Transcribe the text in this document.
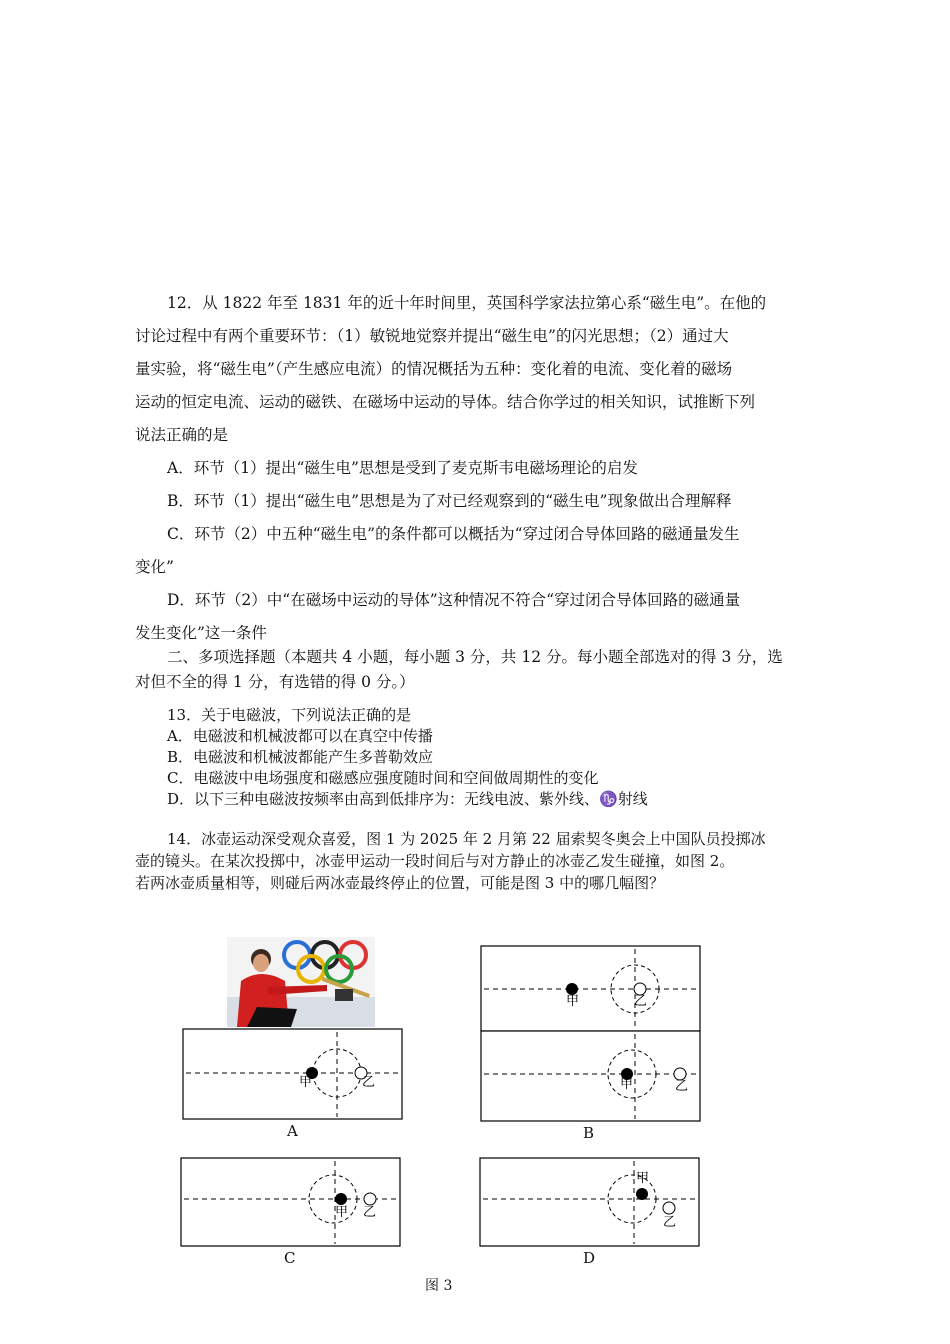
12．从 1822 年至 1831 年的近十年时间里，英国科学家法拉第心系“磁生电”。在他的
讨论过程中有两个重要环节：（1）敏锐地觉察并提出“磁生电”的闪光思想；（2）通过大
量实验，将“磁生电”（产生感应电流）的情况概括为五种：变化着的电流、变化着的磁场
运动的恒定电流、运动的磁铁、在磁场中运动的导体。结合你学过的相关知识，试推断下列
说法正确的是
A．环节（1）提出“磁生电”思想是受到了麦克斯韦电磁场理论的启发
B．环节（1）提出“磁生电”思想是为了对已经观察到的“磁生电”现象做出合理解释
C．环节（2）中五种“磁生电”的条件都可以概括为“穿过闭合导体回路的磁通量发生
变化”
D．环节（2）中“在磁场中运动的导体”这种情况不符合“穿过闭合导体回路的磁通量
发生变化”这一条件
二、多项选择题（本题共 4 小题，每小题 3 分，共 12 分。每小题全部选对的得 3 分，选
对但不全的得 1 分，有选错的得 0 分。）
13．关于电磁波，下列说法正确的是
A．电磁波和机械波都可以在真空中传播
B．电磁波和机械波都能产生多普勒效应
C．电磁波中电场强度和磁感应强度随时间和空间做周期性的变化
D．以下三种电磁波按频率由高到低排序为：无线电波、紫外线、♑射线
14．冰壶运动深受观众喜爱，图 1 为 2025 年 2 月第 22 届索契冬奥会上中国队员投掷冰
壶的镜头。在某次投掷中，冰壶甲运动一段时间后与对方静止的冰壶乙发生碰撞，如图 2。
若两冰壶质量相等，则碰后两冰壶最终停止的位置，可能是图 3 中的哪几幅图？
甲	乙
甲	乙
A
甲	乙
B
甲 乙
C
甲
乙
D
图 3
